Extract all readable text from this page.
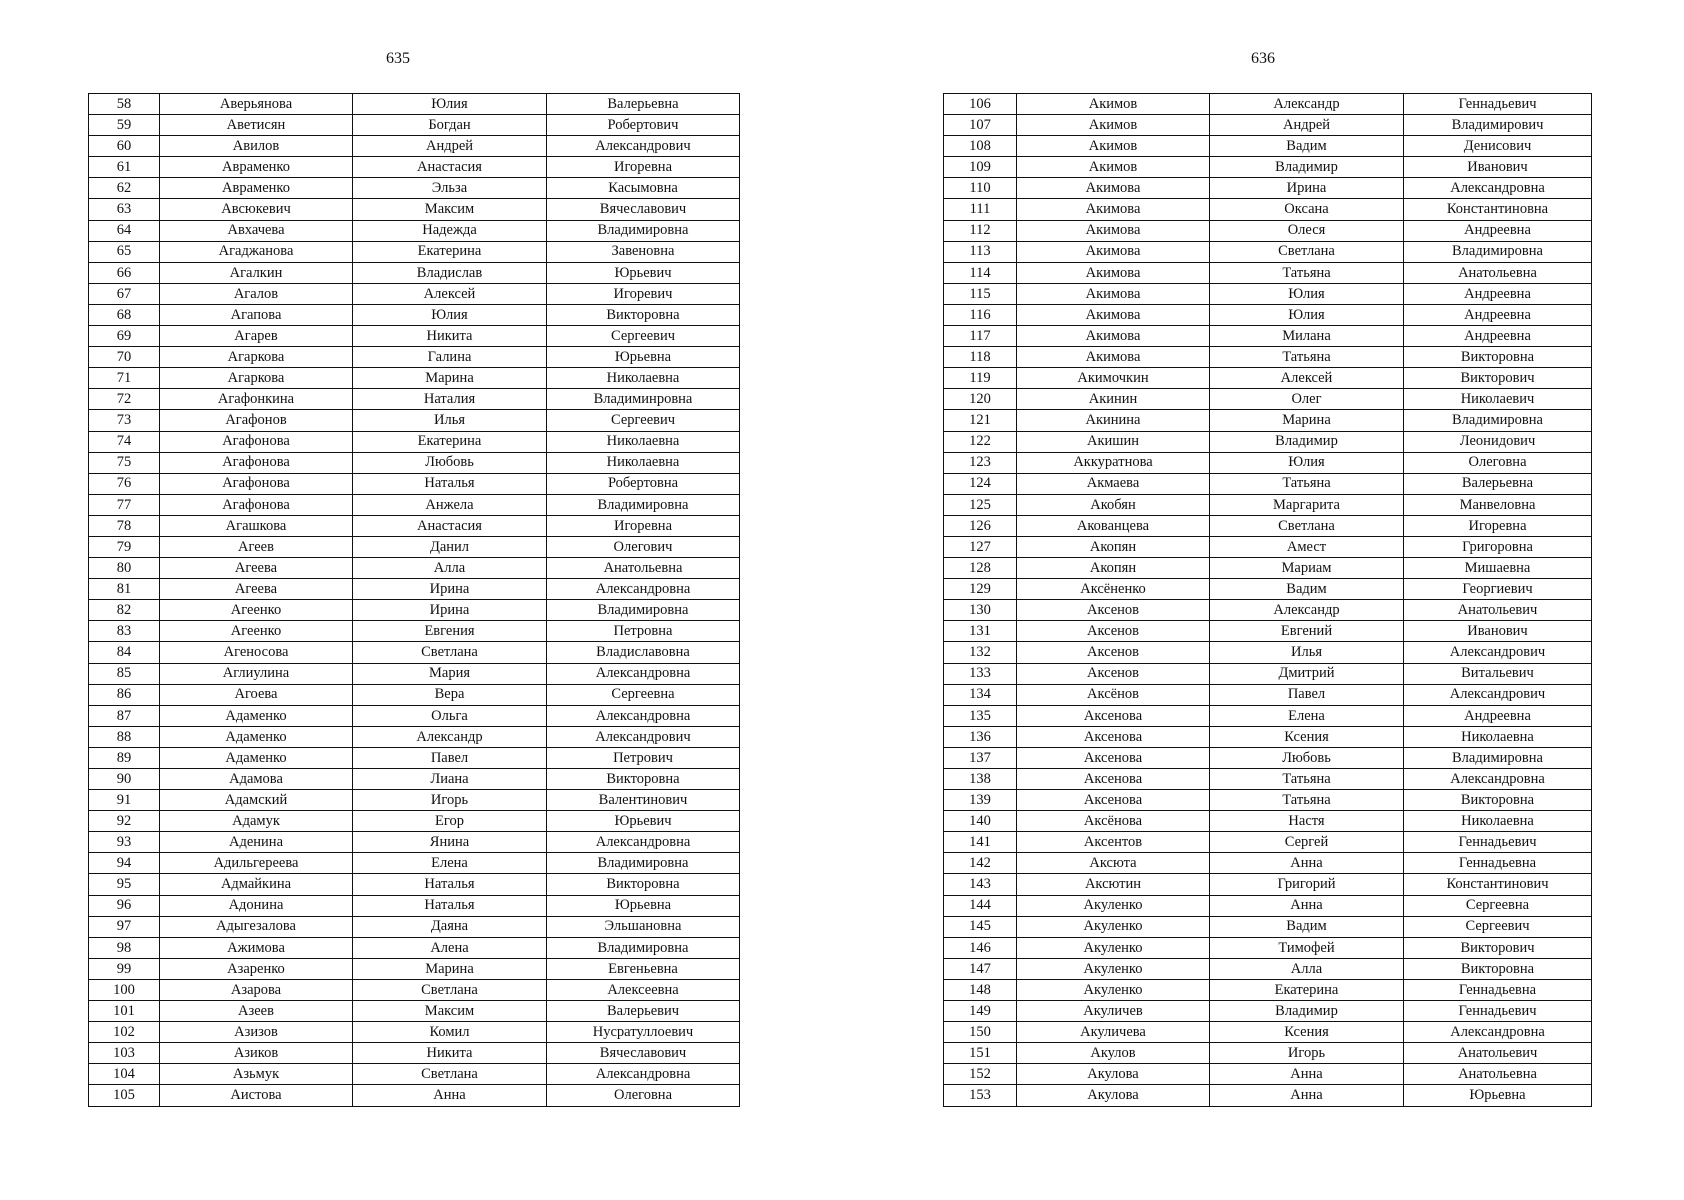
635
58	Аверьянова	Юлия	Валерьевна
59	Аветисян	Богдан	Робертович
60	Авилов	Андрей	Александрович
61	Авраменко	Анастасия	Игоревна
62	Авраменко	Эльза	Касымовна
63	Авсюкевич	Максим	Вячеславович
64	Авхачева	Надежда	Владимировна
65	Агаджанова	Екатерина	Завеновна
66	Агалкин	Владислав	Юрьевич
67	Агалов	Алексей	Игоревич
68	Агапова	Юлия	Викторовна
69	Агарев	Никита	Сергеевич
70	Агаркова	Галина	Юрьевна
71	Агаркова	Марина	Николаевна
72	Агафонкина	Наталия	Владиминровна
73	Агафонов	Илья	Сергеевич
74	Агафонова	Екатерина	Николаевна
75	Агафонова	Любовь	Николаевна
76	Агафонова	Наталья	Робертовна
77	Агафонова	Анжела	Владимировна
78	Агашкова	Анастасия	Игоревна
79	Агеев	Данил	Олегович
80	Агеева	Алла	Анатольевна
81	Агеева	Ирина	Александровна
82	Агеенко	Ирина	Владимировна
83	Агеенко	Евгения	Петровна
84	Агеносова	Светлана	Владиславовна
85	Аглиулина	Мария	Александровна
86	Агоева	Вера	Сергеевна
87	Адаменко	Ольга	Александровна
88	Адаменко	Александр	Александрович
89	Адаменко	Павел	Петрович
90	Адамова	Лиана	Викторовна
91	Адамский	Игорь	Валентинович
92	Адамук	Егор	Юрьевич
93	Аденина	Янина	Александровна
94	Адильгереева	Елена	Владимировна
95	Адмайкина	Наталья	Викторовна
96	Адонина	Наталья	Юрьевна
97	Адыгезалова	Даяна	Эльшановна
98	Ажимова	Алена	Владимировна
99	Азаренко	Марина	Евгеньевна
100	Азарова	Светлана	Алексеевна
101	Азеев	Максим	Валерьевич
102	Азизов	Комил	Нусратуллоевич
103	Азиков	Никита	Вячеславович
104	Азьмук	Светлана	Александровна
105	Аистова	Анна	Олеговна
636
106	Акимов	Александр	Геннадьевич
107	Акимов	Андрей	Владимирович
108	Акимов	Вадим	Денисович
109	Акимов	Владимир	Иванович
110	Акимова	Ирина	Александровна
111	Акимова	Оксана	Константиновна
112	Акимова	Олеся	Андреевна
113	Акимова	Светлана	Владимировна
114	Акимова	Татьяна	Анатольевна
115	Акимова	Юлия	Андреевна
116	Акимова	Юлия	Андреевна
117	Акимова	Милана	Андреевна
118	Акимова	Татьяна	Викторовна
119	Акимочкин	Алексей	Викторович
120	Акинин	Олег	Николаевич
121	Акинина	Марина	Владимировна
122	Акишин	Владимир	Леонидович
123	Аккуратнова	Юлия	Олеговна
124	Акмаева	Татьяна	Валерьевна
125	Акобян	Маргарита	Манвеловна
126	Акованцева	Светлана	Игоревна
127	Акопян	Амест	Григоровна
128	Акопян	Мариам	Мишаевна
129	Аксёненко	Вадим	Георгиевич
130	Аксенов	Александр	Анатольевич
131	Аксенов	Евгений	Иванович
132	Аксенов	Илья	Александрович
133	Аксенов	Дмитрий	Витальевич
134	Аксёнов	Павел	Александрович
135	Аксенова	Елена	Андреевна
136	Аксенова	Ксения	Николаевна
137	Аксенова	Любовь	Владимировна
138	Аксенова	Татьяна	Александровна
139	Аксенова	Татьяна	Викторовна
140	Аксёнова	Настя	Николаевна
141	Аксентов	Сергей	Геннадьевич
142	Аксюта	Анна	Геннадьевна
143	Аксютин	Григорий	Константинович
144	Акуленко	Анна	Сергеевна
145	Акуленко	Вадим	Сергеевич
146	Акуленко	Тимофей	Викторович
147	Акуленко	Алла	Викторовна
148	Акуленко	Екатерина	Геннадьевна
149	Акуличев	Владимир	Геннадьевич
150	Акуличева	Ксения	Александровна
151	Акулов	Игорь	Анатольевич
152	Акулова	Анна	Анатольевна
153	Акулова	Анна	Юрьевна
